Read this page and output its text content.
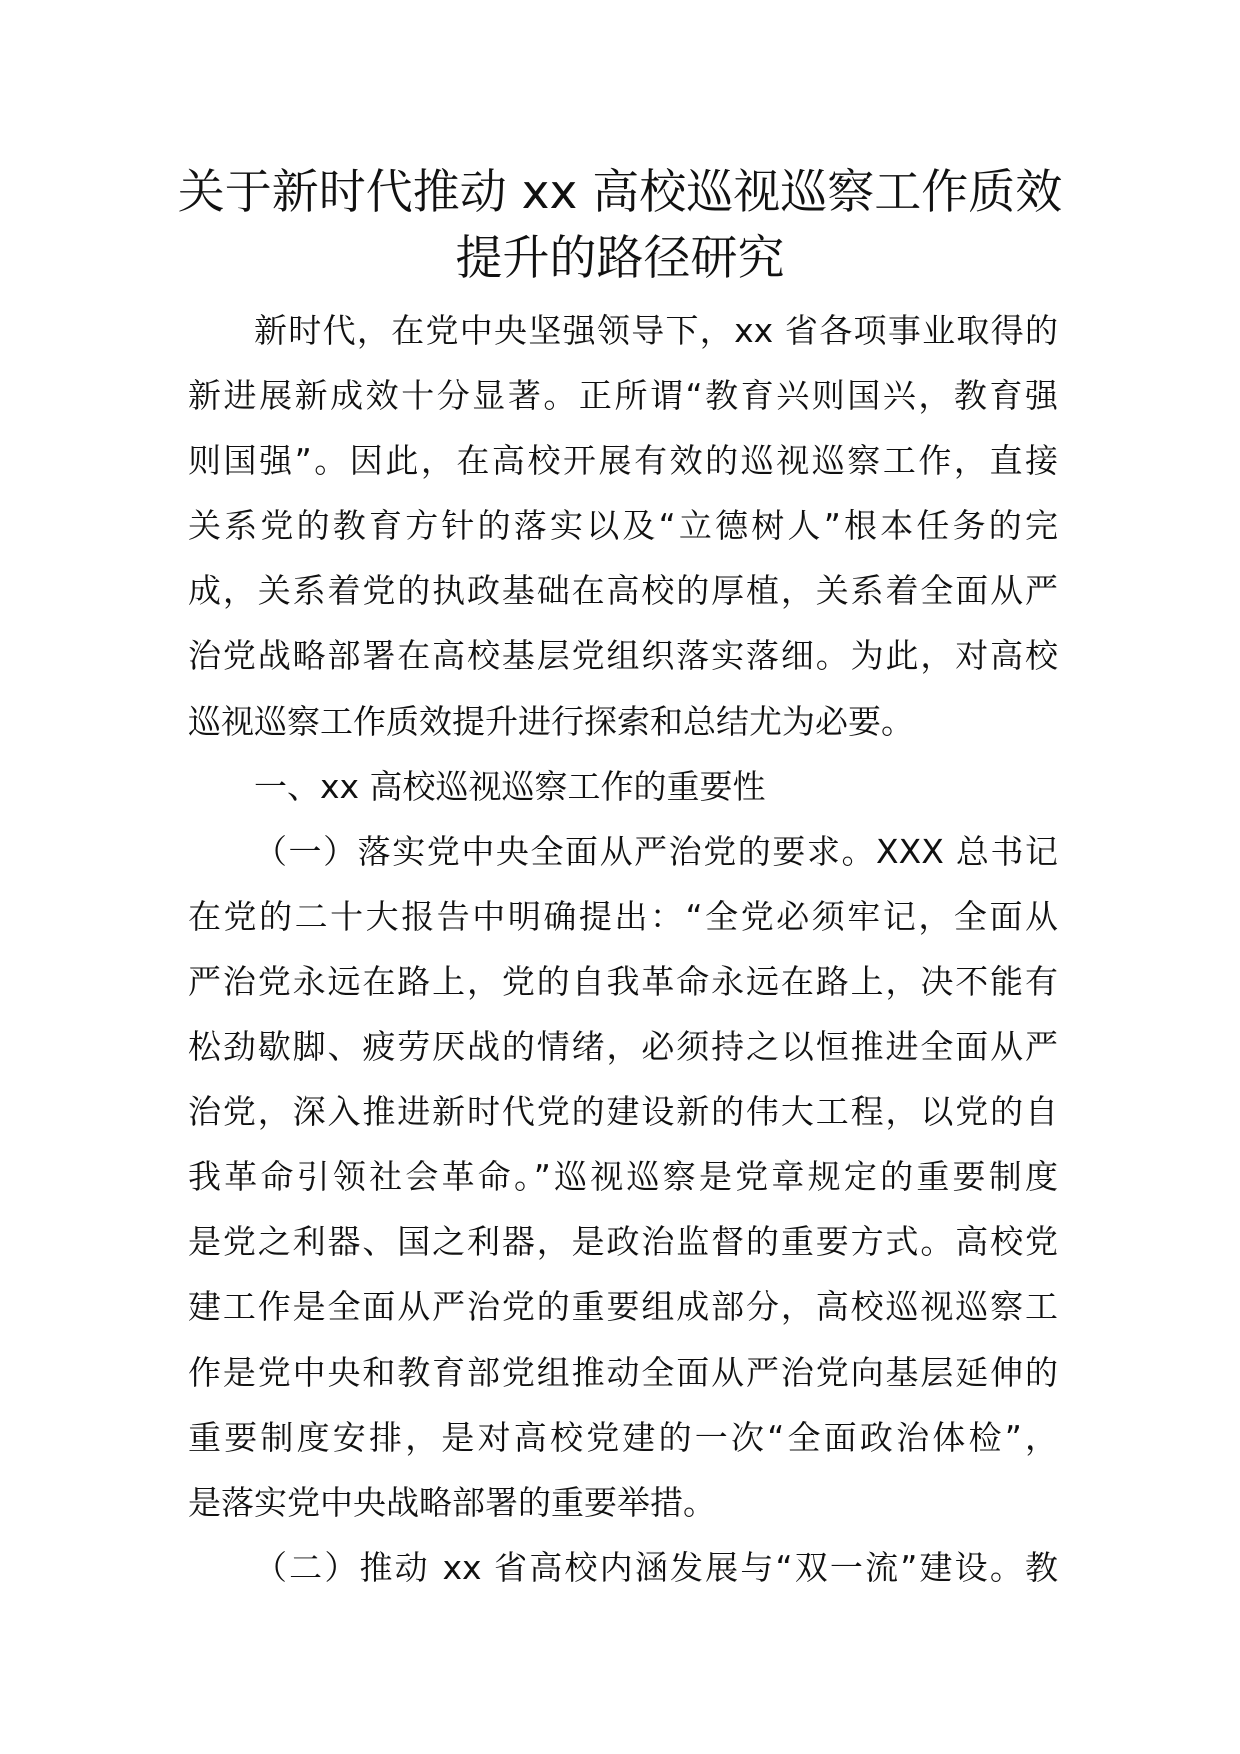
关于新时代推动 xx 高校巡视巡察工作质效
提升的路径研究
新时代，在党中央坚强领导下，xx 省各项事业取得的
新进展新成效十分显著。正所谓“教育兴则国兴，教育强
则国强”。因此，在高校开展有效的巡视巡察工作，直接
关系党的教育方针的落实以及“立德树人”根本任务的完
成，关系着党的执政基础在高校的厚植，关系着全面从严
治党战略部署在高校基层党组织落实落细。为此，对高校
巡视巡察工作质效提升进行探索和总结尤为必要。
一、xx 高校巡视巡察工作的重要性
（一）落实党中央全面从严治党的要求。XXX 总书记
在党的二十大报告中明确提出：“全党必须牢记，全面从
严治党永远在路上，党的自我革命永远在路上，决不能有
松劲歇脚、疲劳厌战的情绪，必须持之以恒推进全面从严
治党，深入推进新时代党的建设新的伟大工程，以党的自
我革命引领社会革命。”巡视巡察是党章规定的重要制度
是党之利器、国之利器，是政治监督的重要方式。高校党
建工作是全面从严治党的重要组成部分，高校巡视巡察工
作是党中央和教育部党组推动全面从严治党向基层延伸的
重要制度安排，是对高校党建的一次“全面政治体检”，
是落实党中央战略部署的重要举措。
（二）推动 xx 省高校内涵发展与“双一流”建设。教
